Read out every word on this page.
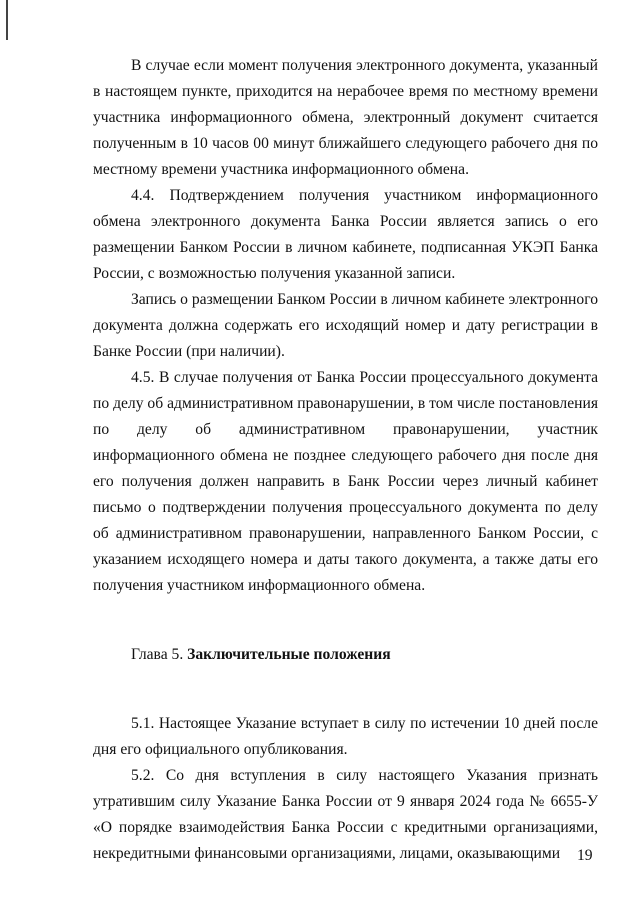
В случае если момент получения электронного документа, указанный в настоящем пункте, приходится на нерабочее время по местному времени участника информационного обмена, электронный документ считается полученным в 10 часов 00 минут ближайшего следующего рабочего дня по местному времени участника информационного обмена.

4.4. Подтверждением получения участником информационного обмена электронного документа Банка России является запись о его размещении Банком России в личном кабинете, подписанная УКЭП Банка России, с возможностью получения указанной записи.

Запись о размещении Банком России в личном кабинете электронного документа должна содержать его исходящий номер и дату регистрации в Банке России (при наличии).

4.5. В случае получения от Банка России процессуального документа по делу об административном правонарушении, в том числе постановления по делу об административном правонарушении, участник информационного обмена не позднее следующего рабочего дня после дня его получения должен направить в Банк России через личный кабинет письмо о подтверждении получения процессуального документа по делу об административном правонарушении, направленного Банком России, с указанием исходящего номера и даты такого документа, а также даты его получения участником информационного обмена.

Глава 5. Заключительные положения

5.1. Настоящее Указание вступает в силу по истечении 10 дней после дня его официального опубликования.

5.2. Со дня вступления в силу настоящего Указания признать утратившим силу Указание Банка России от 9 января 2024 года № 6655-У «О порядке взаимодействия Банка России с кредитными организациями, некредитными финансовыми организациями, лицами, оказывающими	19
